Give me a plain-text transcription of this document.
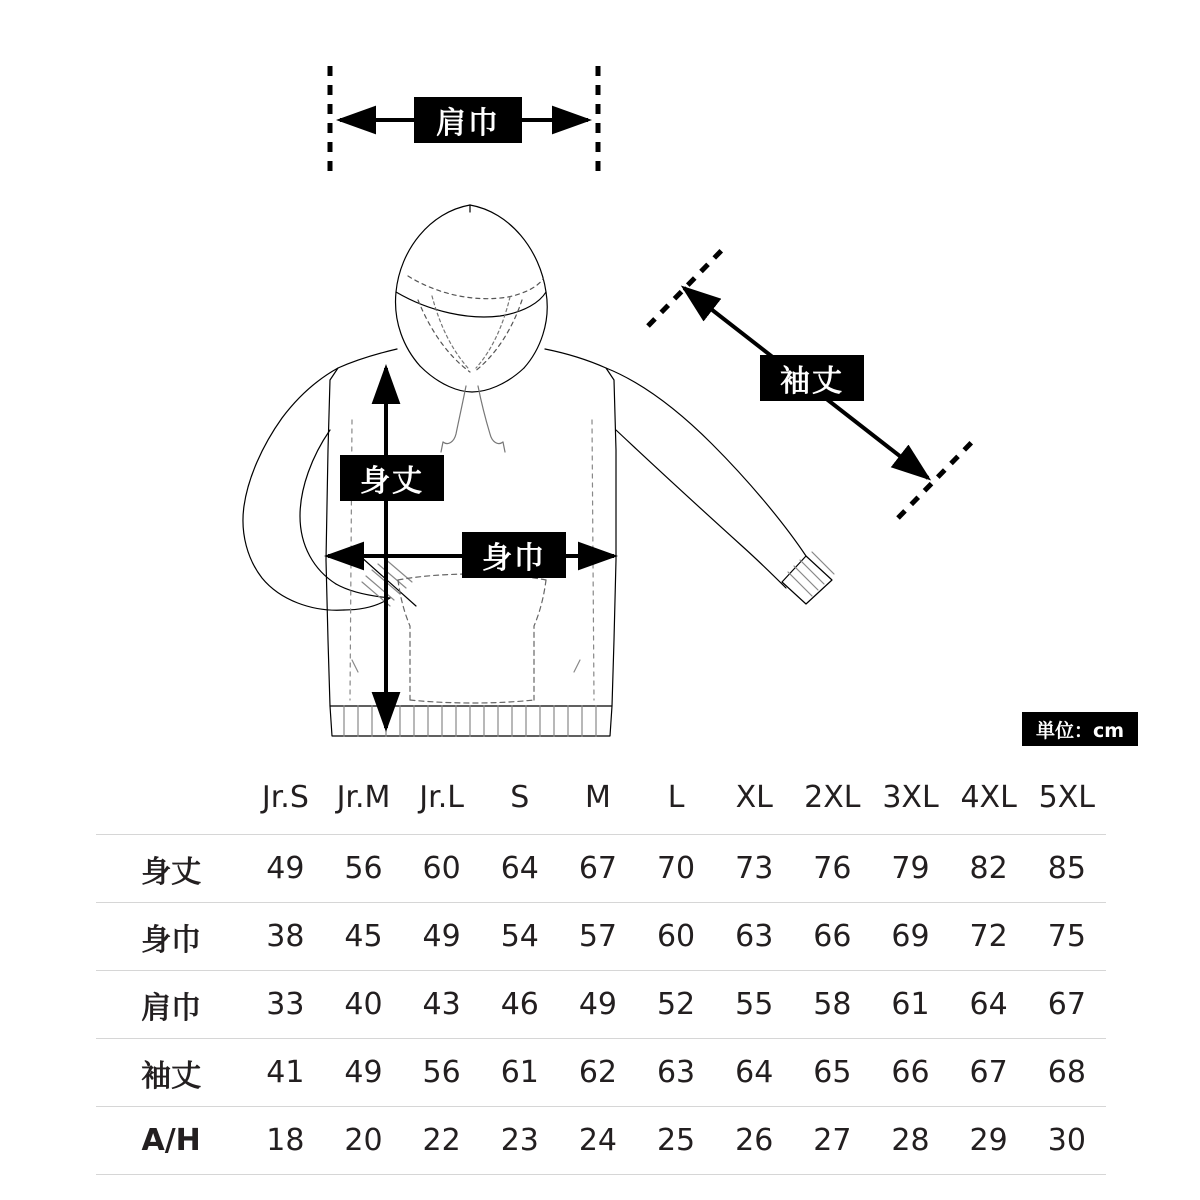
肩巾
袖丈
身丈
身巾
単位：cm
	Jr.S	Jr.M	Jr.L	S	M	L	XL	2XL	3XL	4XL	5XL
身丈	49	56	60	64	67	70	73	76	79	82	85
身巾	38	45	49	54	57	60	63	66	69	72	75
肩巾	33	40	43	46	49	52	55	58	61	64	67
袖丈	41	49	56	61	62	63	64	65	66	67	68
A/H	18	20	22	23	24	25	26	27	28	29	30
